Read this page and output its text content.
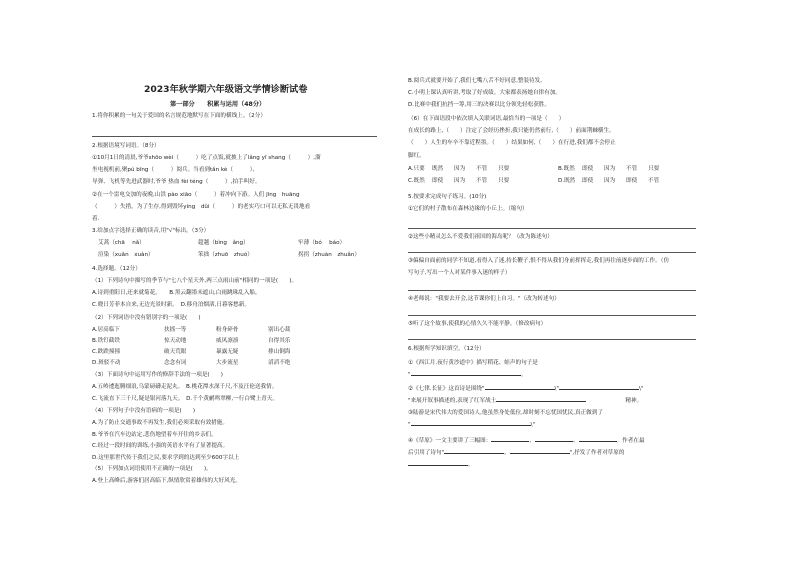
2023年秋学期六年级语文学情诊断试卷
第一部分　　积累与运用（48分）
1.将你积累的一句关于爱国的名言规范地默写在下面的横线上。（2分）
2.根据语境写词语。（8分）
①10月1日的清晨,爷爷shōo wèi（　　　）吃了点饭,就披上了lǎng yī shang（　　　）,溜
坐电视机前,聚pú bīng（　　　）阅兵。当看到tǎn kè（　　　）、
导弹、飞机等先进武器时,爷爷 热血 fèi téng（　　　）,拍手叫好。
②在一个雷电交加的夜晚,山洪 pào xiāo（　　　）着冲向下游。人们 jīng　huāng
（　　　）失措，为了生存,得到毁坏yíng　dǔi（　　　）的老实巧口可以无私无畏地看
着.
3.给加点字选择正确的读音,用"√"标出。（3分）
艾蒿（chā　 nǎ）	超越（bìng　ǎng）	牢薄（bó　 báo）
渲染（xuǎn　xuàn）	笨拙（zhuō　zhuó）	拐拐（zhuàn　zhuǎn）
4.选择题。（12分）
（1）下列诗句中描写的季节与"七八个星天外,两三点雨山前"相同的一项是(　　)。
A.诗到重阳日,还来就菊花。　　B.黑云翻墨未遮山,白雨跳珠乱入船。
C.晓日芳菲本自来,无边光景时新。　D.移舟泊烟渚,日暮客愁新。
（2）下列词语中没有错别字的一项是(　　)
A.居高临下	扶摇一等	粉身碎骨	别出心裁
B.铁钉截铁	惊天动地	威风凛凛	自得其乐
C.跌跌撞撞	破天荒眼	暴露无疑	排山倒海
D.斑驳不动	念念有词	大步流星	滔滔不绝
（3）下面诗句中运用写作的修辞手法的一项是(　　)
A.五岭逶迤腾细浪,乌蒙磅礴走泥丸。　B.桃花潭水深千尺,不及汪伦送我情。
C.飞流直下三千尺,疑是银河落九天。　D.千个黄鹂鸣翠柳,一行白鹭上青天。
（4）下列句子中没有语病的一项是(　　)
A.为了防止交通事故不再发生,我们必须采取有效措施。
B.爷爷在汽车边站定,悲伤地望着车开往的乡亲们。
C.经过一段时间的训练,小强的英语水平有了显著提高。
D.这里那世代传于我们之民,要求学到的达到至少600字以上
（5）下列加点词语使用不正确的一项是(　　)。
A.登上高峰后,游客们居高临下,纵情欣赏着雄伟的大好风光。
B.阅兵式就要开始了,我们七嘴八舌不好同意,整装待发。
C.小明上课认真听讲,考取了好成绩。大家都表扬她自律有加。
D.比赛中我们抗挡一筹,用三的决赛以比分领先轻松获胜。
（6）在下面语段中依次填入关联词语,最恰当的一项是（　　）
在成长的路上,（　　）注定了会经历挫折,我只能仍然前行,（　　）前面荆棘横生。
（　　）人生的车辛不靠近程墨。（　　）结果如何,（　　）在行进,我们都不会停止
脚红。
A.只要 既然 因为 不管 只要	B.既然 即使 因为 不管 只要
C.既然 即使 因为 不管 只要	D.既然 即使 因为 即使 不管
5.按要求完成句子练习。(10分)
①它们的村子散布在森林边缘的小丘上。（缩句）
②这些小精灵怎么不爱我们祖国的海岛呢？（改为陈述句）
③偏偏自面前的同学不知道,看得入了迷,持长鞭子,恨不得从我们身前挥挥走,我们再往前逐步面的工作。（仿
写句子,写出一个人对某件事入迷的样子）
④老师说："我要去开会,这节课你们上自习。"（改为转述句）
⑤听了这个故事,使我的心情久久不能平静。（修改病句）
6.根据所学知识填空。（12分）
①《西江月.夜行黄沙道中》描写稻花、蛙声的句子是
"	。
②《七律.长征》这首诗是围绕"	\"	\"
"来展开叙事描述的,表现了红军战士	　　　　　　　精神。
③陆游是宋代伟大的爱国诗人,他虽然身处低位,却时刻不忘忧国忧民,真正做到了
"	\"
④《草原》一文主要讲了三幅图：	、	、	。作者在最
后引用了诗句"	，	",抒发了作者对草原的
。
